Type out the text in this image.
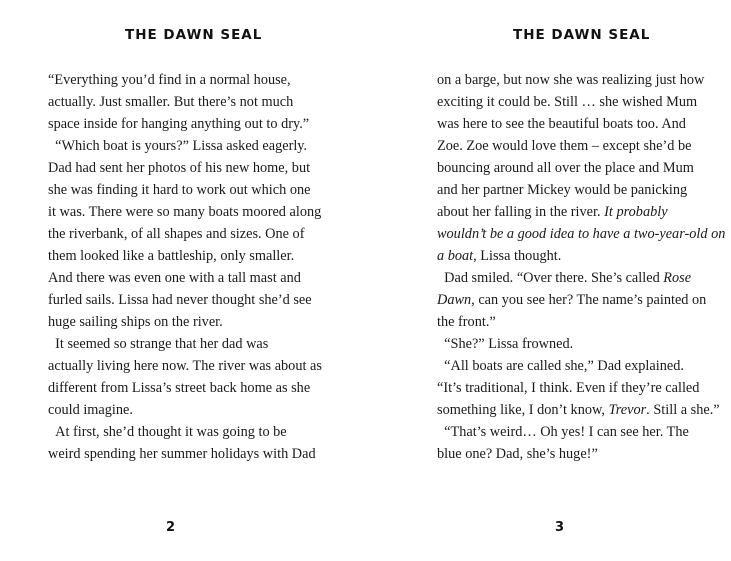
THE DAWN SEAL
“Everything you’d find in a normal house,
actually. Just smaller. But there’s not much
space inside for hanging anything out to dry.”
“Which boat is yours?” Lissa asked eagerly.
Dad had sent her photos of his new home, but
she was finding it hard to work out which one
it was. There were so many boats moored along
the riverbank, of all shapes and sizes. One of
them looked like a battleship, only smaller.
And there was even one with a tall mast and
furled sails. Lissa had never thought she’d see
huge sailing ships on the river.
It seemed so strange that her dad was
actually living here now. The river was about as
different from Lissa’s street back home as she
could imagine.
At first, she’d thought it was going to be
weird spending her summer holidays with Dad
2
THE DAWN SEAL
on a barge, but now she was realizing just how
exciting it could be. Still … she wished Mum
was here to see the beautiful boats too. And
Zoe. Zoe would love them – except she’d be
bouncing around all over the place and Mum
and her partner Mickey would be panicking
about her falling in the river. It probably
wouldn’t be a good idea to have a two-year-old on
a boat, Lissa thought.
Dad smiled. “Over there. She’s called Rose
Dawn, can you see her? The name’s painted on
the front.”
“She?” Lissa frowned.
“All boats are called she,” Dad explained.
“It’s traditional, I think. Even if they’re called
something like, I don’t know, Trevor. Still a she.”
“That’s weird… Oh yes! I can see her. The
blue one? Dad, she’s huge!”
3
